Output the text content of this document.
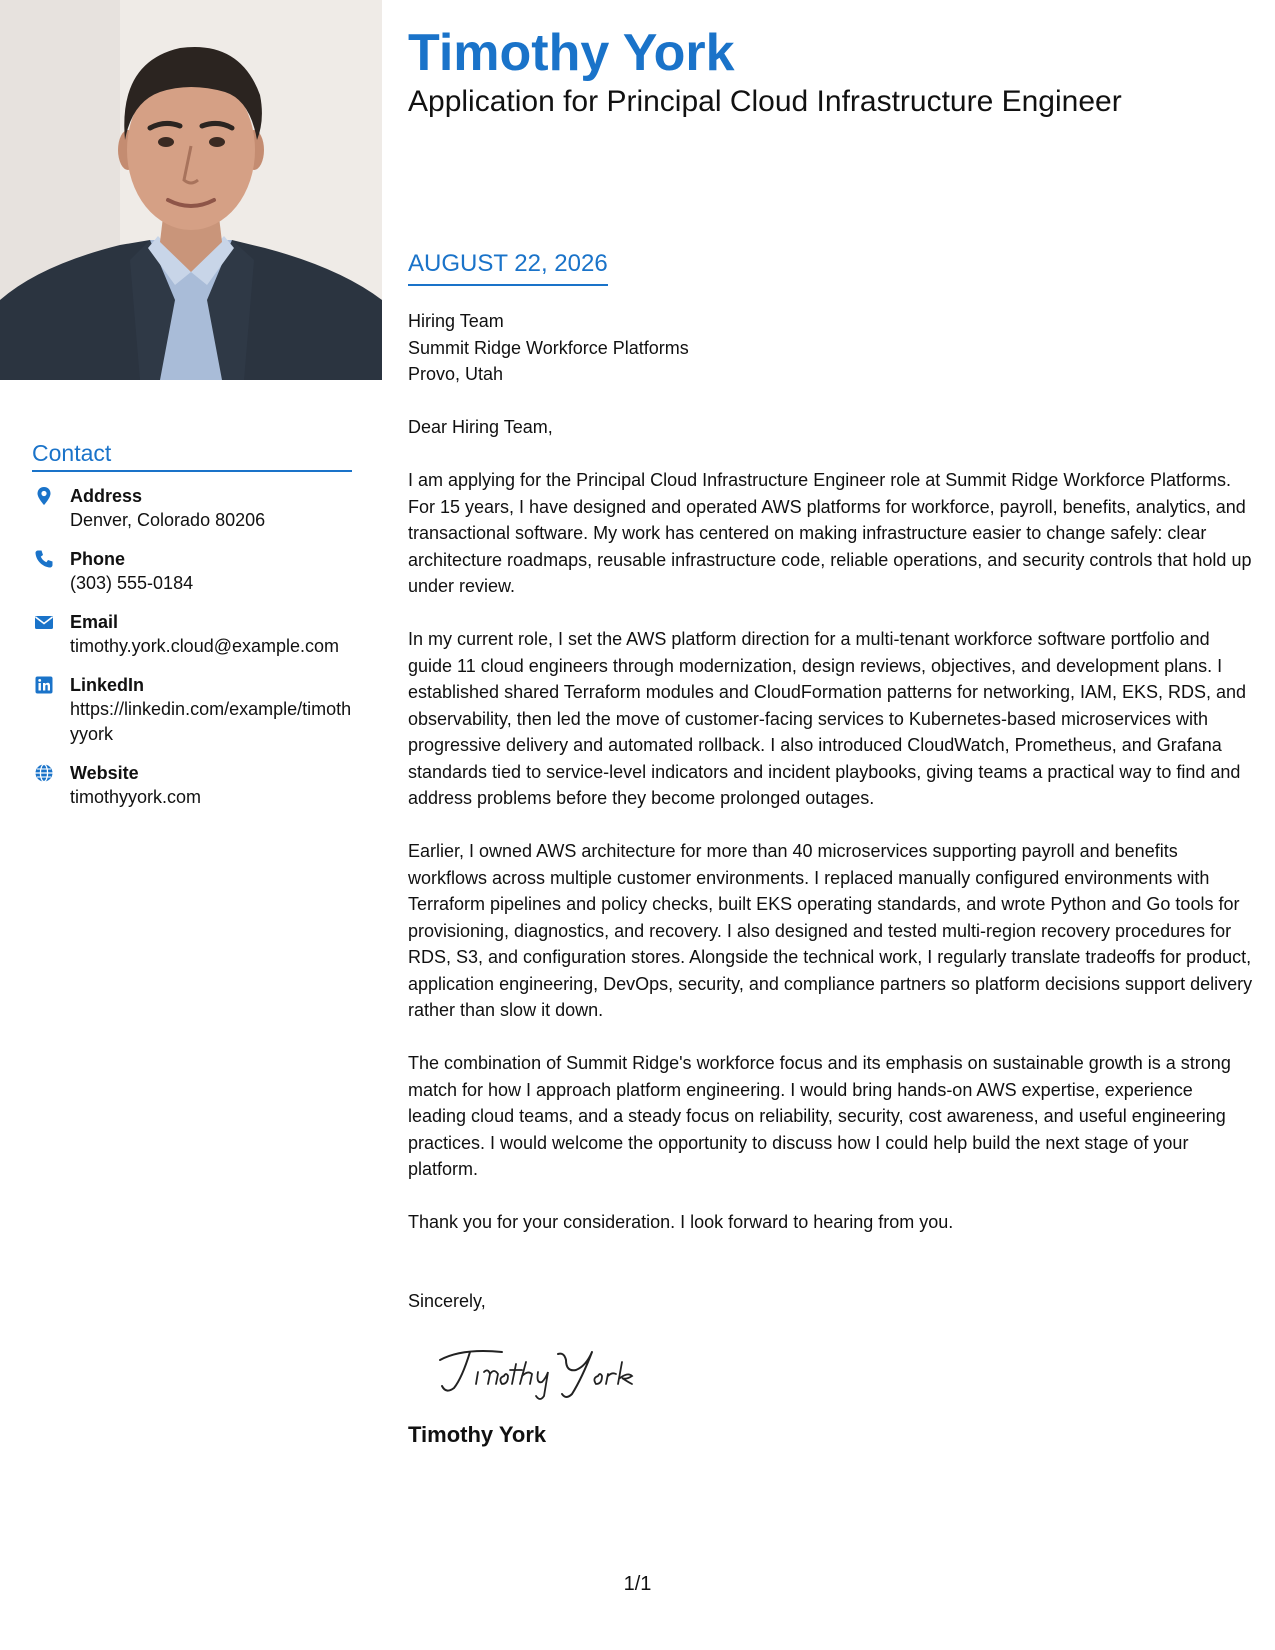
Contact
Address
Denver, Colorado 80206
Phone
(303) 555-0184
Email
timothy.york.cloud@example.com
LinkedIn
https://linkedin.com/example/timothyyork
Website
timothyyork.com
Timothy York
Application for Principal Cloud Infrastructure Engineer
AUGUST 22, 2026

Hiring Team
Summit Ridge Workforce Platforms
Provo, Utah

Dear Hiring Team,

I am applying for the Principal Cloud Infrastructure Engineer role at Summit Ridge Workforce Platforms. For 15 years, I have designed and operated AWS platforms for workforce, payroll, benefits, analytics, and transactional software. My work has centered on making infrastructure easier to change safely: clear architecture roadmaps, reusable infrastructure code, reliable operations, and security controls that hold up under review.

In my current role, I set the AWS platform direction for a multi-tenant workforce software portfolio and guide 11 cloud engineers through modernization, design reviews, objectives, and development plans. I established shared Terraform modules and CloudFormation patterns for networking, IAM, EKS, RDS, and observability, then led the move of customer-facing services to Kubernetes-based microservices with progressive delivery and automated rollback. I also introduced CloudWatch, Prometheus, and Grafana standards tied to service-level indicators and incident playbooks, giving teams a practical way to find and address problems before they become prolonged outages.

Earlier, I owned AWS architecture for more than 40 microservices supporting payroll and benefits workflows across multiple customer environments. I replaced manually configured environments with Terraform pipelines and policy checks, built EKS operating standards, and wrote Python and Go tools for provisioning, diagnostics, and recovery. I also designed and tested multi-region recovery procedures for RDS, S3, and configuration stores. Alongside the technical work, I regularly translate tradeoffs for product, application engineering, DevOps, security, and compliance partners so platform decisions support delivery rather than slow it down.

The combination of Summit Ridge's workforce focus and its emphasis on sustainable growth is a strong match for how I approach platform engineering. I would bring hands-on AWS expertise, experience leading cloud teams, and a steady focus on reliability, security, cost awareness, and useful engineering practices. I would welcome the opportunity to discuss how I could help build the next stage of your platform.

Thank you for your consideration. I look forward to hearing from you.

Sincerely,
Timothy York
1/1
